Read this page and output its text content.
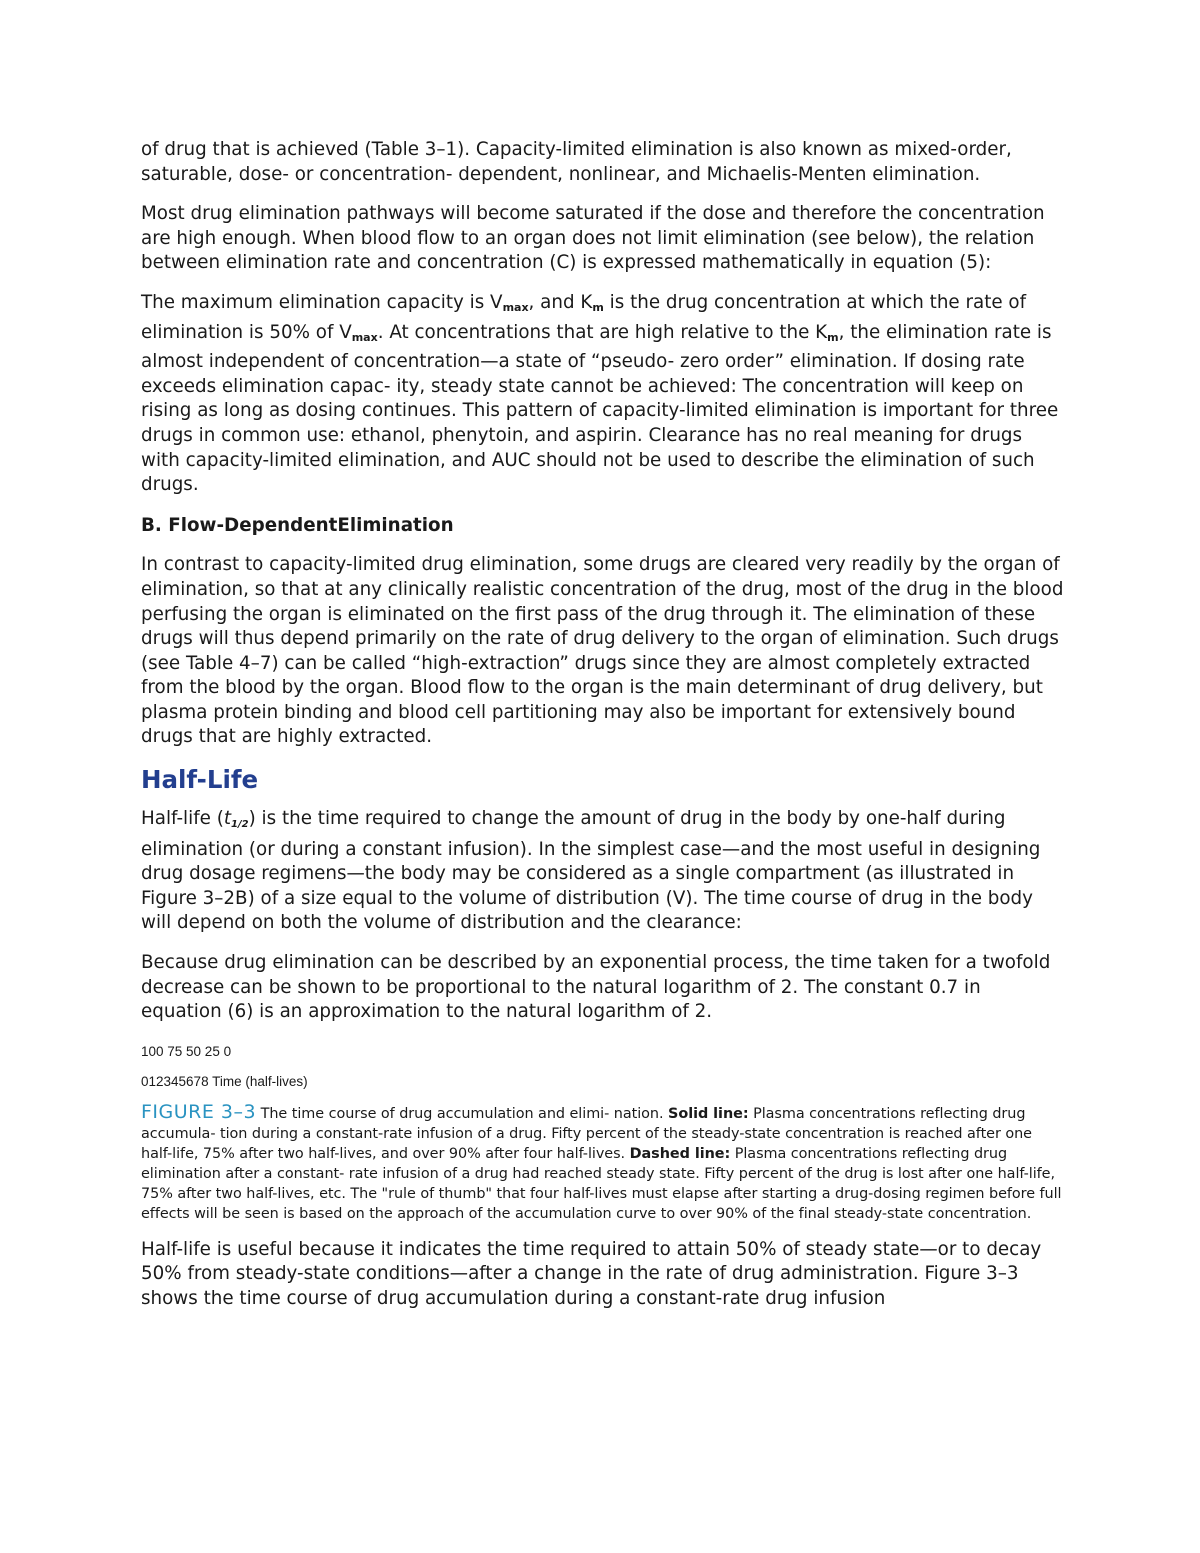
of drug that is achieved (Table 3–1). Capacity-limited elimination is also known as mixed-order, saturable, dose- or concentration- dependent, nonlinear, and Michaelis-Menten elimination.

Most drug elimination pathways will become saturated if the dose and therefore the concentration are high enough. When blood flow to an organ does not limit elimination (see below), the relation between elimination rate and concentration (C) is expressed mathematically in equation (5):

The maximum elimination capacity is $V_{max}$, and $K_m$ is the drug concentration at which the rate of elimination is 50% of $V_{max}$. At concentrations that are high relative to the $K_m$, the elimination rate is almost independent of concentration—a state of “pseudo- zero order” elimination. If dosing rate exceeds elimination capac- ity, steady state cannot be achieved: The concentration will keep on rising as long as dosing continues. This pattern of capacity-limited elimination is important for three drugs in common use: ethanol, phenytoin, and aspirin. Clearance has no real meaning for drugs with capacity-limited elimination, and AUC should not be used to describe the elimination of such drugs.

B. Flow-DependentElimination

In contrast to capacity-limited drug elimination, some drugs are cleared very readily by the organ of elimination, so that at any clinically realistic concentration of the drug, most of the drug in the blood perfusing the organ is eliminated on the first pass of the drug through it. The elimination of these drugs will thus depend primarily on the rate of drug delivery to the organ of elimination. Such drugs (see Table 4–7) can be called “high-extraction” drugs since they are almost completely extracted from the blood by the organ. Blood flow to the organ is the main determinant of drug delivery, but plasma protein binding and blood cell partitioning may also be important for extensively bound drugs that are highly extracted.

Half-Life

Half-life (t1/2) is the time required to change the amount of drug in the body by one-half during elimination (or during a constant infusion). In the simplest case—and the most useful in designing drug dosage regimens—the body may be considered as a single compartment (as illustrated in Figure 3–2B) of a size equal to the volume of distribution (V). The time course of drug in the body will depend on both the volume of distribution and the clearance:

Because drug elimination can be described by an exponential process, the time taken for a twofold decrease can be shown to be proportional to the natural logarithm of 2. The constant 0.7 in equation (6) is an approximation to the natural logarithm of 2.

100 75 50 25 0
012345678 Time (half-lives)

FIGURE 3–3 The time course of drug accumulation and elimi- nation. Solid line: Plasma concentrations reflecting drug accumula- tion during a constant-rate infusion of a drug. Fifty percent of the steady-state concentration is reached after one half-life, 75% after two half-lives, and over 90% after four half-lives. Dashed line: Plasma concentrations reflecting drug elimination after a constant- rate infusion of a drug had reached steady state. Fifty percent of the drug is lost after one half-life, 75% after two half-lives, etc. The "rule of thumb" that four half-lives must elapse after starting a drug-dosing regimen before full effects will be seen is based on the approach of the accumulation curve to over 90% of the final steady-state concentration.

Half-life is useful because it indicates the time required to attain 50% of steady state—or to decay 50% from steady-state conditions—after a change in the rate of drug administration. Figure 3–3 shows the time course of drug accumulation during a constant-rate drug infusion
